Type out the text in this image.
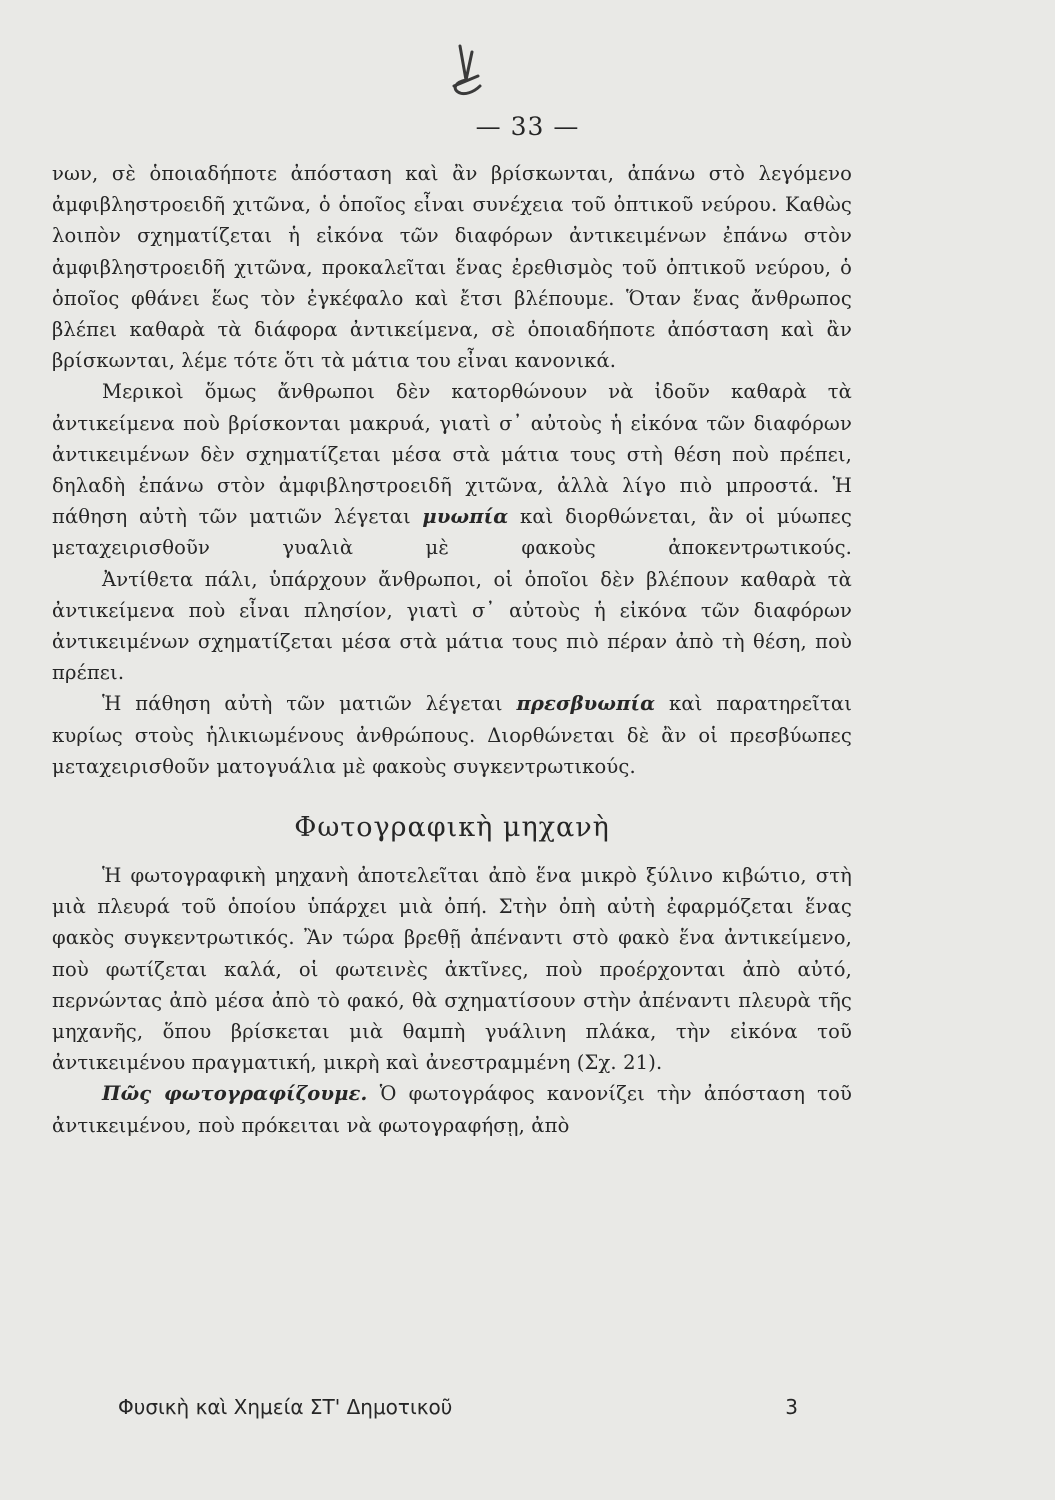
— 33 —

νων, σὲ ὁποιαδήποτε ἀπόσταση καὶ ἂν βρίσκωνται, ἀπάνω στὸ λεγόμενο ἀμφιβληστροειδῆ χιτῶνα, ὁ ὁποῖος εἶναι συνέχεια τοῦ ὀπτικοῦ νεύρου. Καθὼς λοιπὸν σχηματίζεται ἡ εἰκόνα τῶν διαφόρων ἀντικειμένων ἐπάνω στὸν ἀμφιβληστροειδῆ χιτῶνα, προκαλεῖται ἕνας ἐρεθισμὸς τοῦ ὀπτικοῦ νεύρου, ὁ ὁποῖος φθάνει ἕως τὸν ἐγκέφαλο καὶ ἔτσι βλέπουμε. Ὅταν ἕνας ἄνθρωπος βλέπει καθαρὰ τὰ διάφορα ἀντικείμενα, σὲ ὁποιαδήποτε ἀπόσταση καὶ ἂν βρίσκωνται, λέμε τότε ὅτι τὰ μάτια του εἶναι κανονικά.

Μερικοὶ ὅμως ἄνθρωποι δὲν κατορθώνουν νὰ ἰδοῦν καθαρὰ τὰ ἀντικείμενα ποὺ βρίσκονται μακρυά, γιατὶ σ᾽ αὐτοὺς ἡ εἰκόνα τῶν διαφόρων ἀντικειμένων δὲν σχηματίζεται μέσα στὰ μάτια τους στὴ θέση ποὺ πρέπει, δηλαδὴ ἐπάνω στὸν ἀμφιβληστροειδῆ χιτῶνα, ἀλλὰ λίγο πιὸ μπροστά. Ἡ πάθηση αὐτὴ τῶν ματιῶν λέγεται μυωπία καὶ διορθώνεται, ἂν οἱ μύωπες μεταχειρισθοῦν γυαλιὰ μὲ φακοὺς ἀποκεντρωτικούς.

Ἀντίθετα πάλι, ὑπάρχουν ἄνθρωποι, οἱ ὁποῖοι δὲν βλέπουν καθαρὰ τὰ ἀντικείμενα ποὺ εἶναι πλησίον, γιατὶ σ᾽ αὐτοὺς ἡ εἰκόνα τῶν διαφόρων ἀντικειμένων σχηματίζεται μέσα στὰ μάτια τους πιὸ πέραν ἀπὸ τὴ θέση, ποὺ πρέπει.

Ἡ πάθηση αὐτὴ τῶν ματιῶν λέγεται πρεσβυωπία καὶ παρατηρεῖται κυρίως στοὺς ἡλικιωμένους ἀνθρώπους. Διορθώνεται δὲ ἂν οἱ πρεσβύωπες μεταχειρισθοῦν ματογυάλια μὲ φακοὺς συγκεντρωτικούς.

Φωτογραφικὴ μηχανὴ

Ἡ φωτογραφικὴ μηχανὴ ἀποτελεῖται ἀπὸ ἕνα μικρὸ ξύλινο κιβώτιο, στὴ μιὰ πλευρά τοῦ ὁποίου ὑπάρχει μιὰ ὀπή. Στὴν ὀπὴ αὐτὴ ἐφαρμόζεται ἕνας φακὸς συγκεντρωτικός. Ἂν τώρα βρεθῇ ἀπέναντι στὸ φακὸ ἕνα ἀντικείμενο, ποὺ φωτίζεται καλά, οἱ φωτεινὲς ἀκτῖνες, ποὺ προέρχονται ἀπὸ αὐτό, περνώντας ἀπὸ μέσα ἀπὸ τὸ φακό, θὰ σχηματίσουν στὴν ἀπέναντι πλευρὰ τῆς μηχανῆς, ὅπου βρίσκεται μιὰ θαμπὴ γυάλινη πλάκα, τὴν εἰκόνα τοῦ ἀντικειμένου πραγματική, μικρὴ καὶ ἀνεστραμμένη (Σχ. 21).

Πῶς φωτογραφίζουμε. Ὁ φωτογράφος κανονίζει τὴν ἀπόσταση τοῦ ἀντικειμένου, ποὺ πρόκειται νὰ φωτογραφήσῃ, ἀπὸ

Φυσικὴ καὶ Χημεία ΣΤ' Δημοτικοῦ	3
